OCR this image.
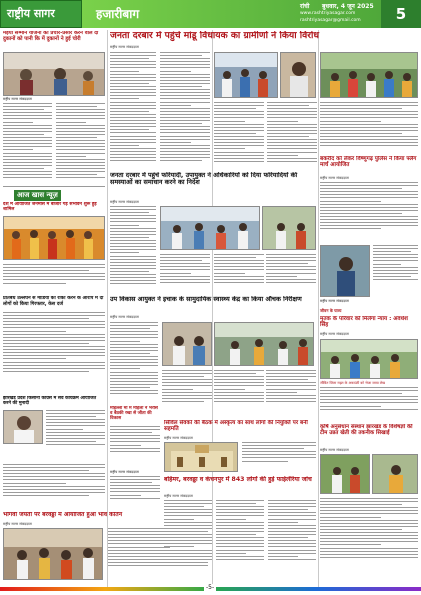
राष्ट्रीय सागर	हजारीबाग
रांची बुधवार, 4 जून 2025
www.rashtriyasagar.com
rashtriyasagar@gmail.com	5
मईया सम्मान योजना का प्रचार-प्रसार करने वाले दो दुकानों को पानी कि में दुकानों ने हुई चोरी
राष्ट्रीय सागर संवाददाता
आज खास न्यूज़
देश में आयोजित जनमास में बाजार गेड़े संभावने शुरू हुई शामिल
प्रतिबंध उल्लंघन से मीडिया को रोका करने के आरोप में दो लोगों को किया गिरफ्तार, केस दर्ज
झारखंड प्रदेश किसानों कांग्रेस में सर्वे कार्यक्रम आयोजित करने की मुनादी
भागवी जयंती पर बरवड्डा में आयोजित हुआ भाव कीर्तन
राष्ट्रीय सागर संवाददाता
जनता दरबार में पहुंचे मांडू विधायक का ग्रामीणों ने किया विरोध
राष्ट्रीय सागर संवाददाता
बकरीद को लेकर विष्णुगढ़ पुलिस ने किया फ्लैग मार्च आयोजित
राष्ट्रीय सागर संवाददाता
जनता दरबार में पहुंचे फरियादी, उपायुक्त ने अधिकारियों को दिया फरियादियों की समस्याओं का समाधान करने का निर्देश
राष्ट्रीय सागर संवाददाता
राष्ट्रीय सागर संवाददाता
उप विकास आयुक्त ने इचाक के सामुदायिक स्वास्थ्य केंद्र का किया औचक निरीक्षण
राष्ट्रीय सागर संवाददाता
जीवन के घाव्य
मृतक के परिवार को मिलेगा न्याय : अवधेश सिंह
राष्ट्रीय सागर संवाददाता
जीवित जिला राहत के अकाउंटी को भेजा जाया लेख
मोहल्ला माँ में महिला ने भरोसे व बैठकी रखा से जीता की विकास
सिविल सेवकों की बैठक में अस्कृत्य का साथ लोगों की नियुक्ति पर बनी सहमति
राष्ट्रीय सागर संवाददाता
कृषि अनुसंधान संस्थान झारखंड के विशेषज्ञों की टीम उन्नत खेती की तकनीक सिखाई
राष्ट्रीय सागर संवाददाता
बहिमर, बरवड्डा व कंचनपुर में 843 लोगों की हुई फाईलेरिया जांच
राष्ट्रीय सागर संवाददाता
राष्ट्रीय सागर संवाददाता
-5-
